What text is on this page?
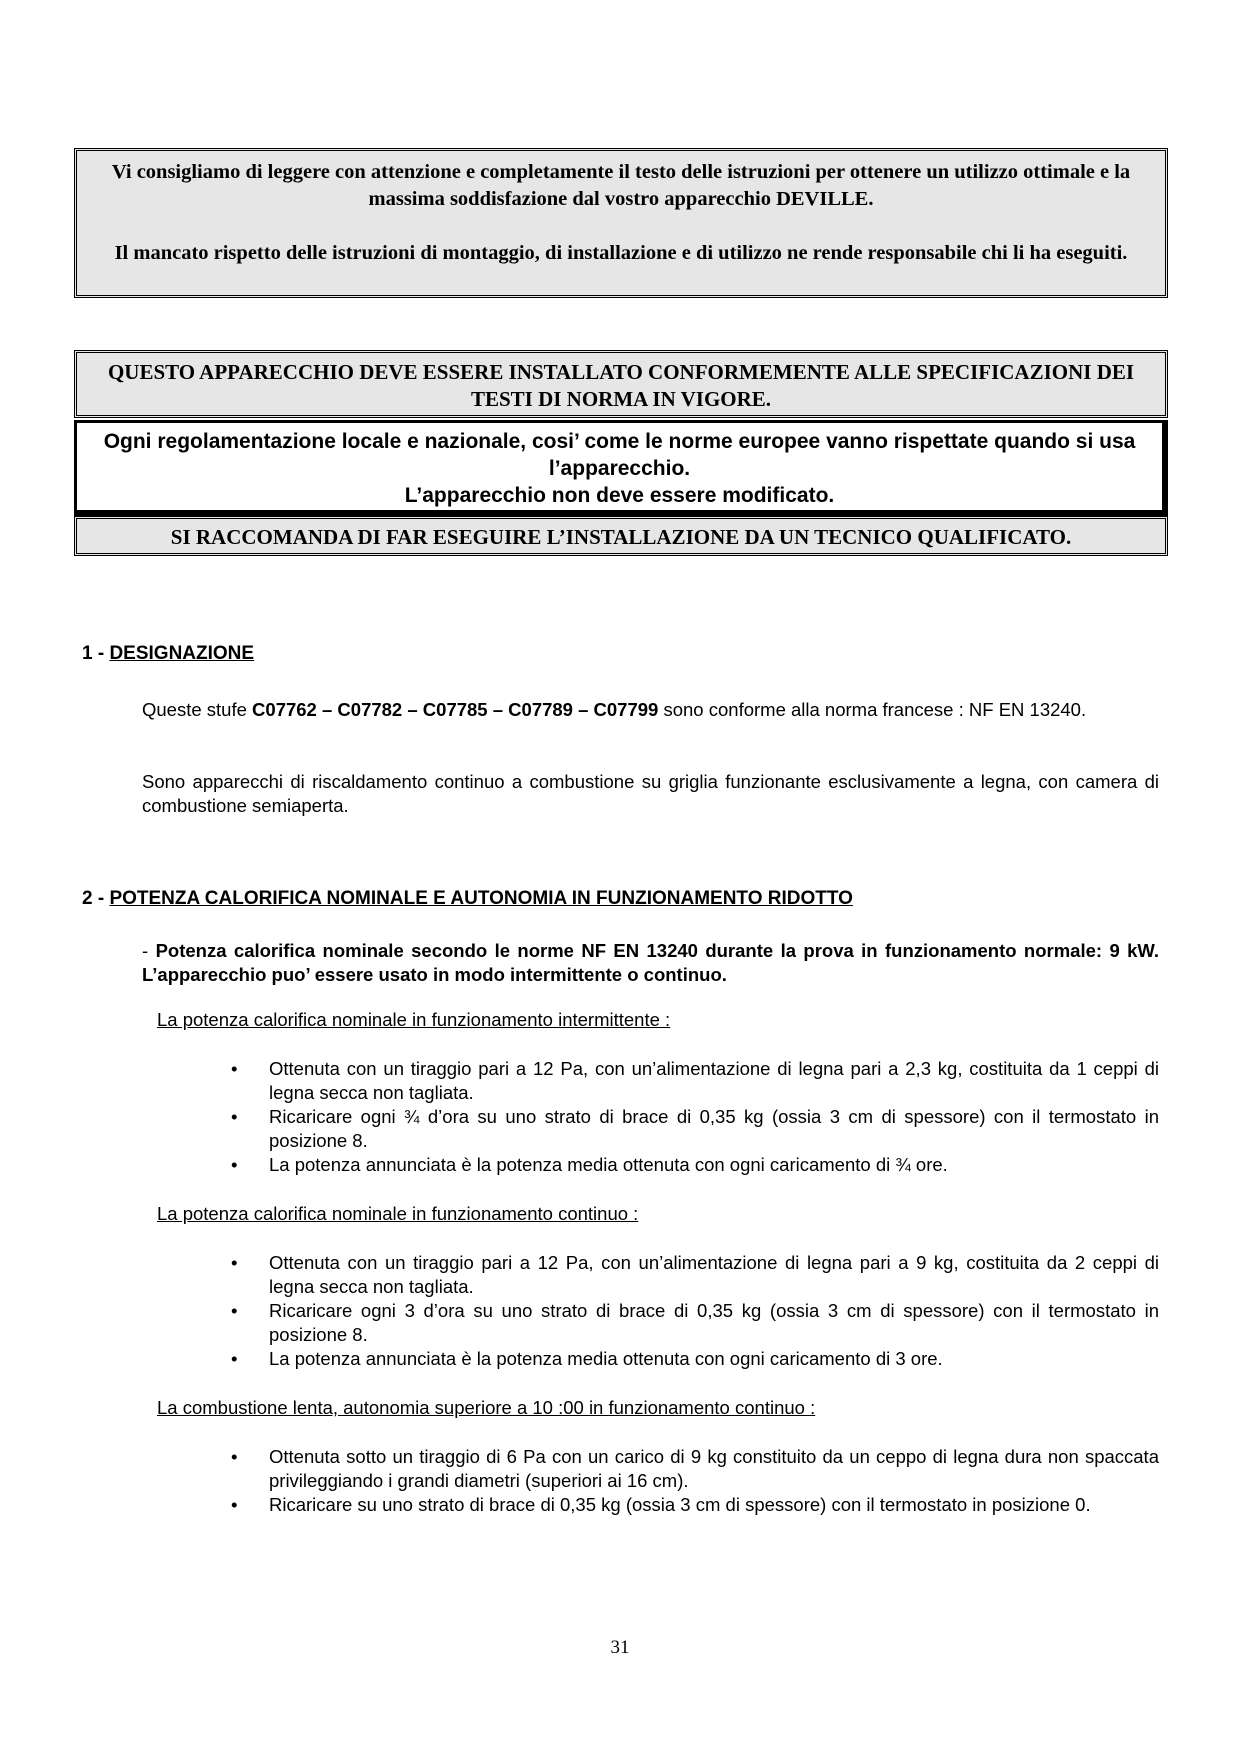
Vi consigliamo di leggere con attenzione e completamente il testo delle istruzioni per ottenere un utilizzo ottimale e la massima soddisfazione dal vostro apparecchio DEVILLE.

Il mancato rispetto delle istruzioni di montaggio, di installazione e di utilizzo ne rende responsabile chi li ha eseguiti.

QUESTO APPARECCHIO DEVE ESSERE INSTALLATO CONFORMEMENTE ALLE SPECIFICAZIONI DEI TESTI DI NORMA IN VIGORE.

Ogni regolamentazione locale e nazionale, cosi’ come le norme europee vanno rispettate quando si usa l’apparecchio.

L’apparecchio non deve essere modificato.

SI RACCOMANDA DI FAR ESEGUIRE L’INSTALLAZIONE DA UN TECNICO QUALIFICATO.
1 - DESIGNAZIONE

Queste stufe C07762 – C07782 – C07785 – C07789 – C07799 sono conforme alla norma francese : NF EN 13240.

Sono apparecchi di riscaldamento continuo a combustione su griglia funzionante esclusivamente a legna, con camera di combustione semiaperta.

2 - POTENZA CALORIFICA NOMINALE E AUTONOMIA IN FUNZIONAMENTO RIDOTTO
- Potenza calorifica nominale secondo le norme NF EN 13240 durante la prova in funzionamento normale: 9 kW. L’apparecchio puo’ essere usato in modo intermittente o continuo.

La potenza calorifica nominale in funzionamento intermittente :

• Ottenuta con un tiraggio pari a 12 Pa, con un’alimentazione di legna pari a 2,3 kg, costituita da 1 ceppi di legna secca non tagliata.
• Ricaricare ogni ¾ d’ora su uno strato di brace di 0,35 kg (ossia 3 cm di spessore) con il termostato in posizione 8.
• La potenza annunciata è la potenza media ottenuta con ogni caricamento di ¾ ore.

La potenza calorifica nominale in funzionamento continuo :

• Ottenuta con un tiraggio pari a 12 Pa, con un’alimentazione di legna pari a 9 kg, costituita da 2 ceppi di legna secca non tagliata.
• Ricaricare ogni 3 d’ora su uno strato di brace di 0,35 kg (ossia 3 cm di spessore) con il termostato in posizione 8.
• La potenza annunciata è la potenza media ottenuta con ogni caricamento di 3 ore.

La combustione lenta, autonomia superiore a 10 :00 in funzionamento continuo :

• Ottenuta sotto un tiraggio di 6 Pa con un carico di 9 kg constituito da un ceppo di legna dura non spaccata privileggiando i grandi diametri (superiori ai 16 cm).
• Ricaricare su uno strato di brace di 0,35 kg (ossia 3 cm di spessore) con il termostato in posizione 0.
31
